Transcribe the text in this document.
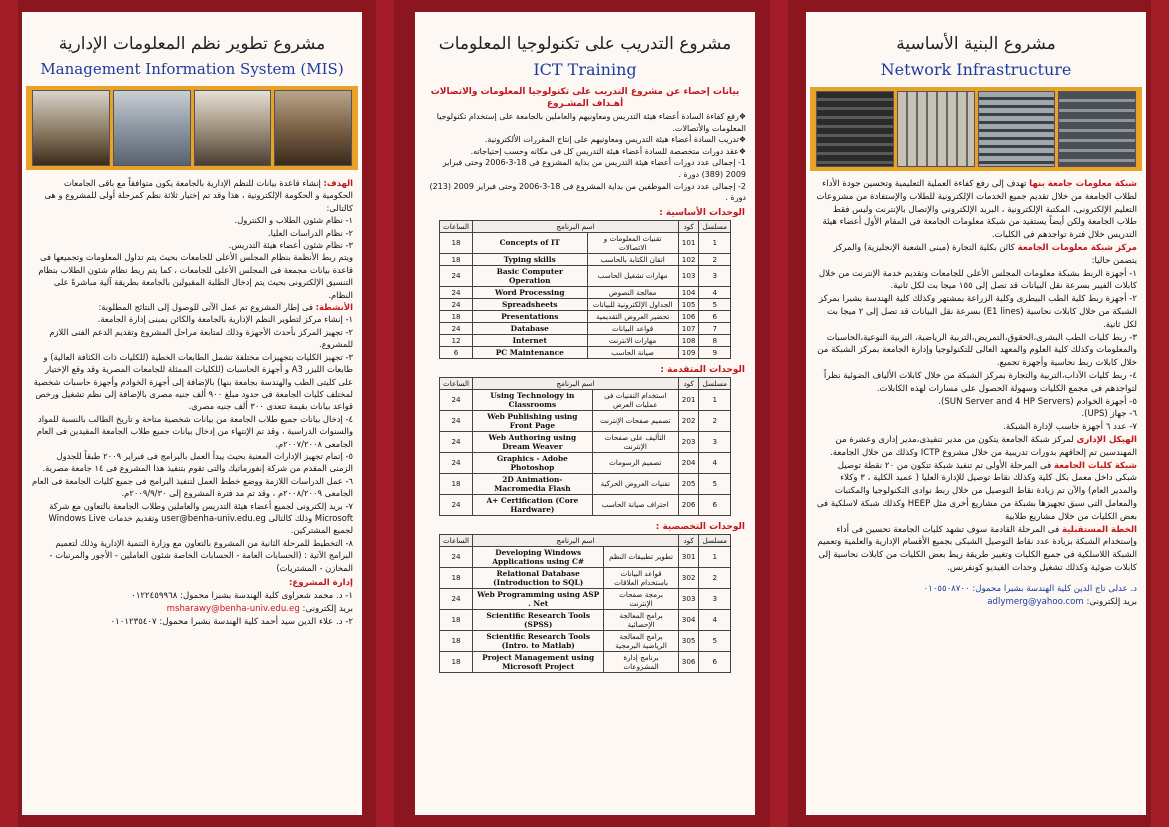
مشروع تطوير نظم المعلومات الإدارية
Management Information System (MIS)

الهدف: إنشاء قاعدة بيانات للنظم الإدارية بالجامعة يكون متوافقاً مع باقى الجامعات الحكومية و الحكومة الإلكترونية ، هذا وقد تم إختيار ثلاثة نظم كمرحلة أولى للمشروع و هى كالتالى:

١- نظام شئون الطلاب و الكنترول.

٢- نظام الدراسات العليا.

٣- نظام شئون أعضاء هيئة التدريس.

ويتم ربط الأنظمة بنظام المجلس الأعلى للجامعات بحيث يتم تداول المعلومات وتجميعها فى قاعدة بيانات مجمعة فى المجلس الأعلى للجامعات ، كما يتم ربط نظام شئون الطلاب بنظام التنسيق الإلكترونى بحيث يتم إدخال الطلبة المقبولين بالجامعة بطريقة آلية مباشرةً على النظام.

الأنشطة: فى إطار المشروع تم عمل الآتى للوصول إلى النتائج المطلوبة:

١- إنشاء مركز لتطوير النظم الإدارية بالجامعة والكائن بمبنى إدارة الجامعة.

٢- تجهيز المركز بأحدث الأجهزة وذلك لمتابعة مراحل المشروع وتقديم الدعم الفنى اللازم للمشروع.

٣- تجهيز الكليات بتجهيزات مختلفة تشمل الطابعات الخطية (للكليات ذات الكثافة العالية) و طابعات الليزر A3 و أجهزة الحاسبات (للكليات الممثلة للجامعات المصرية وقد وقع الإختيار على كليتى الطب والهندسة بجامعة بنها) بالإضافة إلى أجهزة الخوادم وأجهزة حاسبات شخصية لمختلف كليات الجامعة فى حدود مبلغ ٩٠٠ ألف جنيه مصرى بالإضافة إلى نظم تشغيل ورخص قواعد بيانات بقيمة تتعدى ٣٠٠ ألف جنيه مصرى.

٤- إدخال بيانات جميع طلاب الجامعة من بيانات شخصية متاحة و تاريخ الطالب بالنسبة للمواد والسنوات الدراسية ، وقد تم الإنتهاء من إدخال بيانات جميع طلاب الجامعة المقيدين فى العام الجامعى ٢٠٠٧/٢٠٠٨م.

٥- إتمام تجهيز الإدارات المعنية بحيث يبدأ العمل بالبرامج فى فبراير ٢٠٠٩ طبقاً للجدول الزمنى المقدم من شركة إنفورماتيك والتى تقوم بتنفيذ هذا المشروع فى ١٤ جامعة مصرية.

٦- عمل الدراسات اللازمة ووضع خطط العمل لتنفيذ البرامج فى جميع كليات الجامعة فى العام الجامعى ٢٠٠٨/٢٠٠٩م ، وقد تم مد فترة المشروع إلى ٢٠٠٩/٩/٣٠م.

٧- بريد إلكترونى لجميع أعضاء هيئة التدريس والعاملين وطلاب الجامعة بالتعاون مع شركة Microsoft وذلك كالتالى user@benha-univ.edu.eg وتقديم خدمات Windows Live لجميع المشتركين.

٨- التخطيط للمرحلة الثانية من المشروع بالتعاون مع وزارة التنمية الإدارية وذلك لتعميم البرامج الآتية : (الحسابات العامة - الحسابات الخاصة شئون العاملين - الأجور والمرتبات - المخازن - المشتريات)

إدارة المشروع:
١- د. محمد شعراوى كلية الهندسة بشبرا محمول: ٠١٢٢٤٥٩٩٦٨
بريد إلكترونى: msharawy@benha-univ.edu.eg
٢- د. علاء الدين سيد أحمد كلية الهندسة بشبرا محمول: ٠١٠١٢٣٥٤٠٧
مشروع التدريب على تكنولوجيا المعلومات
ICT Training
بيانات إحصاء عن مشروع التدريب على تكنولوجيا المعلومات والاتصالات
أهـداف المشـروع

❖رفع كفاءة السادة أعضاء هيئة التدريس ومعاونيهم والعاملين بالجامعة على إستخدام تكنولوجيا المعلومات والأتصالات.

❖تدريب السادة أعضاء هيئة التدريس ومعاونيهم على إنتاج المقررات الألكترونية.

❖عقد دورات متخصصة للسادة أعضاء هيئة التدريس كل فى مكانه وحسب إحتياجاته.

1- إجمالى عدد دورات أعضاء هيئة التدريس من بداية المشروع فى 18-3-2006 وحتى فبراير 2009 (389) دورة .

2- إجمالى عدد دورات الموظفين من بداية المشروع فى 18-3-2006 وحتى فبراير 2009 (213) دورة .

الوحدات الأساسية :
الساعات	اسم البرنامج		كود	مسلسل
18	Concepts of IT	تقنيات المعلومات و الاتصالات	101	1
18	Typing skills	اتقان الكتابة بالحاسب	102	2
24	Basic Computer Operation	مهارات تشغيل الحاسب	103	3
24	Word Processing	معالجة النصوص	104	4
24	Spreadsheets	الجداول الإلكترونية للبيانات	105	5
18	Presentations	تحضير العروض التقديمية	106	6
24	Database	قواعد البيانات	107	7
12	Internet	مهارات الانترنت	108	8
6	PC Maintenance	صيانة الحاسب	109	9
الوحدات المتقدمة :
الساعات	اسم البرنامج		كود	مسلسل
24	Using Technology in Classrooms	استخدام التقنيات فى عمليات العرض	201	1
24	Web Publishing using Front Page	تصميم صفحات الإنترنت	202	2
24	Web Authoring using Dream Weaver	التأليف على صفحات الإنترنت	203	3
24	Graphics - Adobe Photoshop	تصميم الرسومات	204	4
18	2D Animation- Macromedia Flash	تقنيات العروض الحركية	205	5
24	A+ Certification (Core Hardware)	احتراف صيانة الحاسب	206	6
الوحدات التخصصية :
الساعات	اسم البرنامج		كود	مسلسل
24	Developing Windows Applications using C#	تطوير تطبيقات النظم	301	1
18	Relational Database (Introduction to SQL)	قواعد البيانات باستخدام العلاقات	302	2
24	Web Programming using ASP . Net	برمجة صفحات الإنترنت	303	3
18	Scientific Research Tools (SPSS)	برامج المعالجة الإحصائية	304	4
18	Scientific Research Tools (Intro. to Matlab)	برامج المعالجة الرياضية البرمجية	305	5
18	Project Management using Microsoft Project	برنامج إدارة المشروعات	306	6
مشروع البنية الأساسية
Network Infrastructure

شبكة معلومات جامعة بنها تهدف إلى رفع كفاءة العملية التعليمية وتحسين جودة الأداء لطلاب الجامعة من خلال تقديم جميع الخدمات الإلكترونية للطلاب والإستفادة من مشروعات التعليم الإلكترونى، المكتبة الإلكترونية ، البريد الإلكترونى والإتصال بالإنترنت وليس فقط طلاب الجامعة ولكن أيضاً يستفيد من شبكة معلومات الجامعة فى المقام الأول أعضاء هيئة التدريس خلال فترة تواجدهم فى الكليات.

مركز شبكة معلومات الجامعة كائن بكلية التجارة (مبنى الشعبة الإنجليزية) والمركز يتضمن حاليا:

١- أجهزة الربط بشبكة معلومات المجلس الأعلى للجامعات وتقديم خدمة الإنترنت من خلال كابلات الفيبر بسرعة نقل البيانات قد تصل إلى ١٥٥ ميجا بت لكل ثانية.

٢- أجهزة ربط كلية الطب البيطرى وكلية الزراعة بمشتهر وكذلك كلية الهندسة بشبرا بمركز الشبكة من خلال كابلات نحاسية (E1 lines) بسرعة نقل البيانات قد تصل إلى ٢ ميجا بت لكل ثانية.

٣- ربط كليات الطب البشرى،الحقوق،التمريض،التربية الرياضية، التربية النوعية،الحاسبات والمعلومات وكذلك كلية العلوم والمعهد العالى للتكنولوجيا وإدارة الجامعة بمركز الشبكة من خلال كابلات ربط نحاسية وأجهزة تجميع.

٤- ربط كليات الآداب،التربية والتجارة بمركز الشبكة من خلال كابلات الألياف الضوئية نظراً لتواجدهم فى مجمع الكليات وسهولة الحصول على مسارات لهذه الكابلات.

٥- أجهزة الخوادم (SUN Server and 4 HP Servers).

٦- جهاز (UPS).

٧- عدد ٦ أجهزة حاسب لإدارة الشبكة.

الهيكل الإدارى لمركز شبكة الجامعة يتكون من مدير تنفيذى،مدير إدارى وعشرة من المهندسين تم إلحاقهم بدورات تدريبية من خلال مشروع ICTP وكذلك من خلال الجامعة.

شبكة كليات الجامعة فى المرحلة الأولى تم تنفيذ شبكة تتكون من ٢٠ نقطة توصيل شبكى داخل معمل بكل كلية وكذلك نقاط توصيل للإدارة العليا ( عميد الكلية ، ٣ وكلاء والمدير العام) والآن تم زيادة نقاط التوصيل من خلال ربط نوادى التكنولوجيا والمكتبات والمعامل التى سبق تجهيزها بشبكة من مشاريع أخرى مثل HEEP وكذلك شبكة لاسلكية فى بعض الكليات من خلال مشاريع طلابية

الخطة المستقبلية فى المرحلة القادمة سوف تشهد كليات الجامعة تحسين فى أداء وإستخدام الشبكة بزيادة عدد نقاط التوصيل الشبكى بجميع الأقسام الإدارية والعلمية وتعميم الشبكة اللاسلكية فى جميع الكليات وتغيير طريقة ربط بعض الكليات من كابلات نحاسية إلى كابلات ضوئية وكذلك تشغيل وحدات الفيديو كونفرنس.

د. عدلى تاج الدين كلية الهندسة بشبرا محمول: ٠١٠٥٥٠٨٧٠٠
بريد إلكترونى: adlymerg@yahoo.com
